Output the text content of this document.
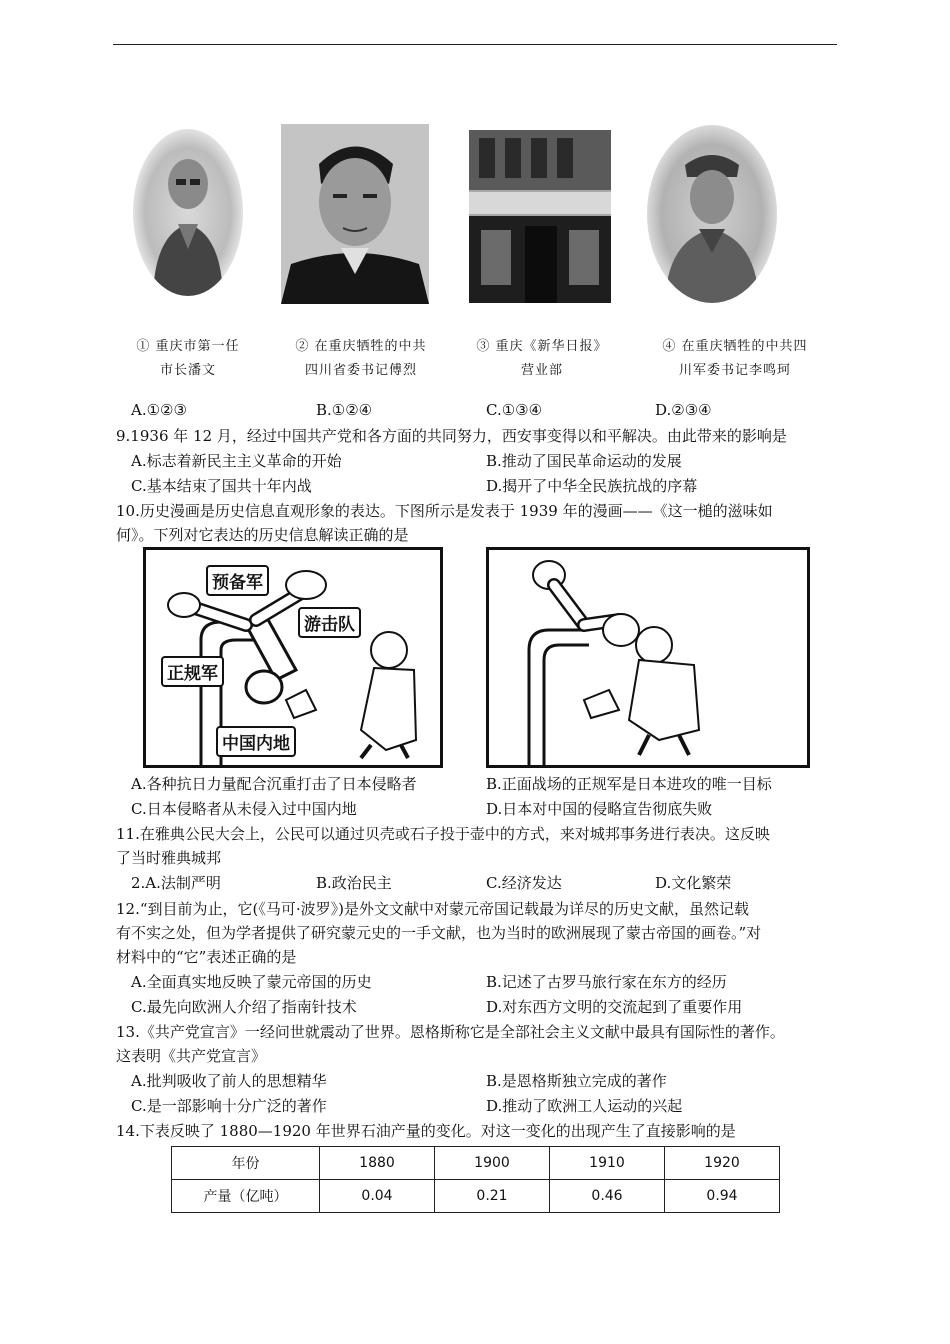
① 重庆市第一任
市长潘文
② 在重庆牺牲的中共
四川省委书记傅烈
③ 重庆《新华日报》
营业部
④ 在重庆牺牲的中共四
川军委书记李鸣珂
A.①②③	B.①②④	C.①③④	D.②③④
9.1936 年 12 月，经过中国共产党和各方面的共同努力，西安事变得以和平解决。由此带来的影响是
A.标志着新民主主义革命的开始	B.推动了国民革命运动的发展
C.基本结束了国共十年内战	D.揭开了中华全民族抗战的序幕
10.历史漫画是历史信息直观形象的表达。下图所示是发表于 1939 年的漫画——《这一槌的滋味如
何》。下列对它表达的历史信息解读正确的是
预备军
游击队
正规军
中国内地
A.各种抗日力量配合沉重打击了日本侵略者	B.正面战场的正规军是日本进攻的唯一目标
C.日本侵略者从未侵入过中国内地	D.日本对中国的侵略宣告彻底失败
11.在雅典公民大会上，公民可以通过贝壳或石子投于壶中的方式，来对城邦事务进行表决。这反映
了当时雅典城邦
2.A.法制严明	B.政治民主	C.经济发达	D.文化繁荣
12.“到目前为止，它(《马可·波罗》)是外文文献中对蒙元帝国记载最为详尽的历史文献，虽然记载
有不实之处，但为学者提供了研究蒙元史的一手文献，也为当时的欧洲展现了蒙古帝国的画卷。”对
材料中的“它”表述正确的是
A.全面真实地反映了蒙元帝国的历史	B.记述了古罗马旅行家在东方的经历
C.最先向欧洲人介绍了指南针技术	D.对东西方文明的交流起到了重要作用
13.《共产党宣言》一经问世就震动了世界。恩格斯称它是全部社会主义文献中最具有国际性的著作。
这表明《共产党宣言》
A.批判吸收了前人的思想精华	B.是恩格斯独立完成的著作
C.是一部影响十分广泛的著作	D.推动了欧洲工人运动的兴起
14.下表反映了 1880—1920 年世界石油产量的变化。对这一变化的出现产生了直接影响的是
年份	1880	1900	1910	1920
产量（亿吨）	0.04	0.21	0.46	0.94
